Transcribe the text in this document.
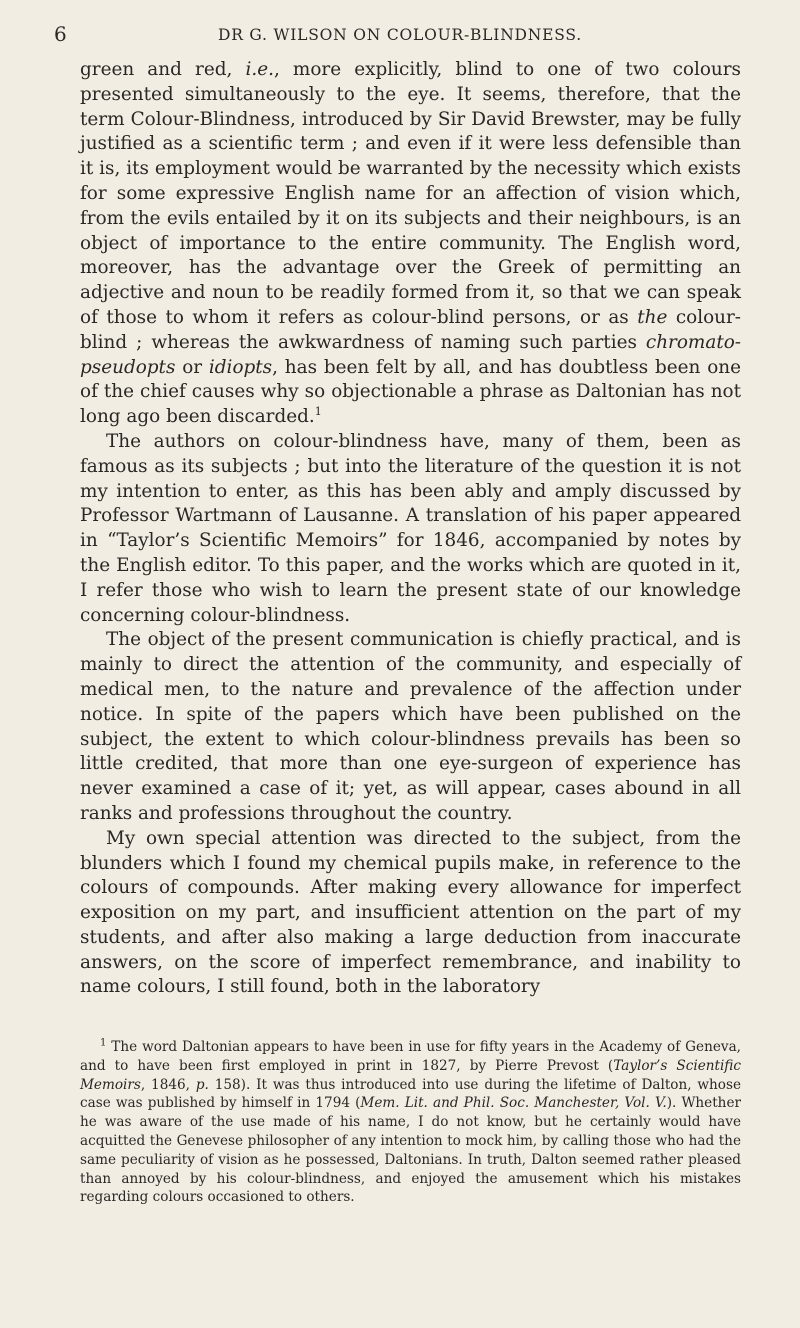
6	DR G. WILSON ON COLOUR-BLINDNESS.

green and red, i.e., more explicitly, blind to one of two colours presented simultaneously to the eye. It seems, therefore, that the term Colour-Blindness, introduced by Sir David Brewster, may be fully justified as a scientific term ; and even if it were less defensible than it is, its employment would be warranted by the necessity which exists for some expressive English name for an affection of vision which, from the evils entailed by it on its subjects and their neighbours, is an object of importance to the entire community. The English word, moreover, has the advantage over the Greek of permitting an adjective and noun to be readily formed from it, so that we can speak of those to whom it refers as colour-blind persons, or as the colour-blind ; whereas the awkwardness of naming such parties chromato-pseudopts or idiopts, has been felt by all, and has doubtless been one of the chief causes why so objectionable a phrase as Daltonian has not long ago been discarded.$^1$

The authors on colour-blindness have, many of them, been as famous as its subjects ; but into the literature of the question it is not my intention to enter, as this has been ably and amply discussed by Professor Wartmann of Lausanne. A translation of his paper appeared in “Taylor’s Scientific Memoirs” for 1846, accompanied by notes by the English editor. To this paper, and the works which are quoted in it, I refer those who wish to learn the present state of our knowledge concerning colour-blindness.

The object of the present communication is chiefly practical, and is mainly to direct the attention of the community, and especially of medical men, to the nature and prevalence of the affection under notice. In spite of the papers which have been published on the subject, the extent to which colour-blindness prevails has been so little credited, that more than one eye-surgeon of experience has never examined a case of it; yet, as will appear, cases abound in all ranks and professions throughout the country.

My own special attention was directed to the subject, from the blunders which I found my chemical pupils make, in reference to the colours of compounds. After making every allowance for imperfect exposition on my part, and insufficient attention on the part of my students, and after also making a large deduction from inaccurate answers, on the score of imperfect remembrance, and inability to name colours, I still found, both in the laboratory

$^1$ The word Daltonian appears to have been in use for fifty years in the Academy of Geneva, and to have been first employed in print in 1827, by Pierre Prevost (Taylor’s Scientific Memoirs, 1846, p. 158). It was thus introduced into use during the lifetime of Dalton, whose case was published by himself in 1794 (Mem. Lit. and Phil. Soc. Manchester, Vol. V.). Whether he was aware of the use made of his name, I do not know, but he certainly would have acquitted the Genevese philosopher of any intention to mock him, by calling those who had the same peculiarity of vision as he possessed, Daltonians. In truth, Dalton seemed rather pleased than annoyed by his colour-blindness, and enjoyed the amusement which his mistakes regarding colours occasioned to others.
